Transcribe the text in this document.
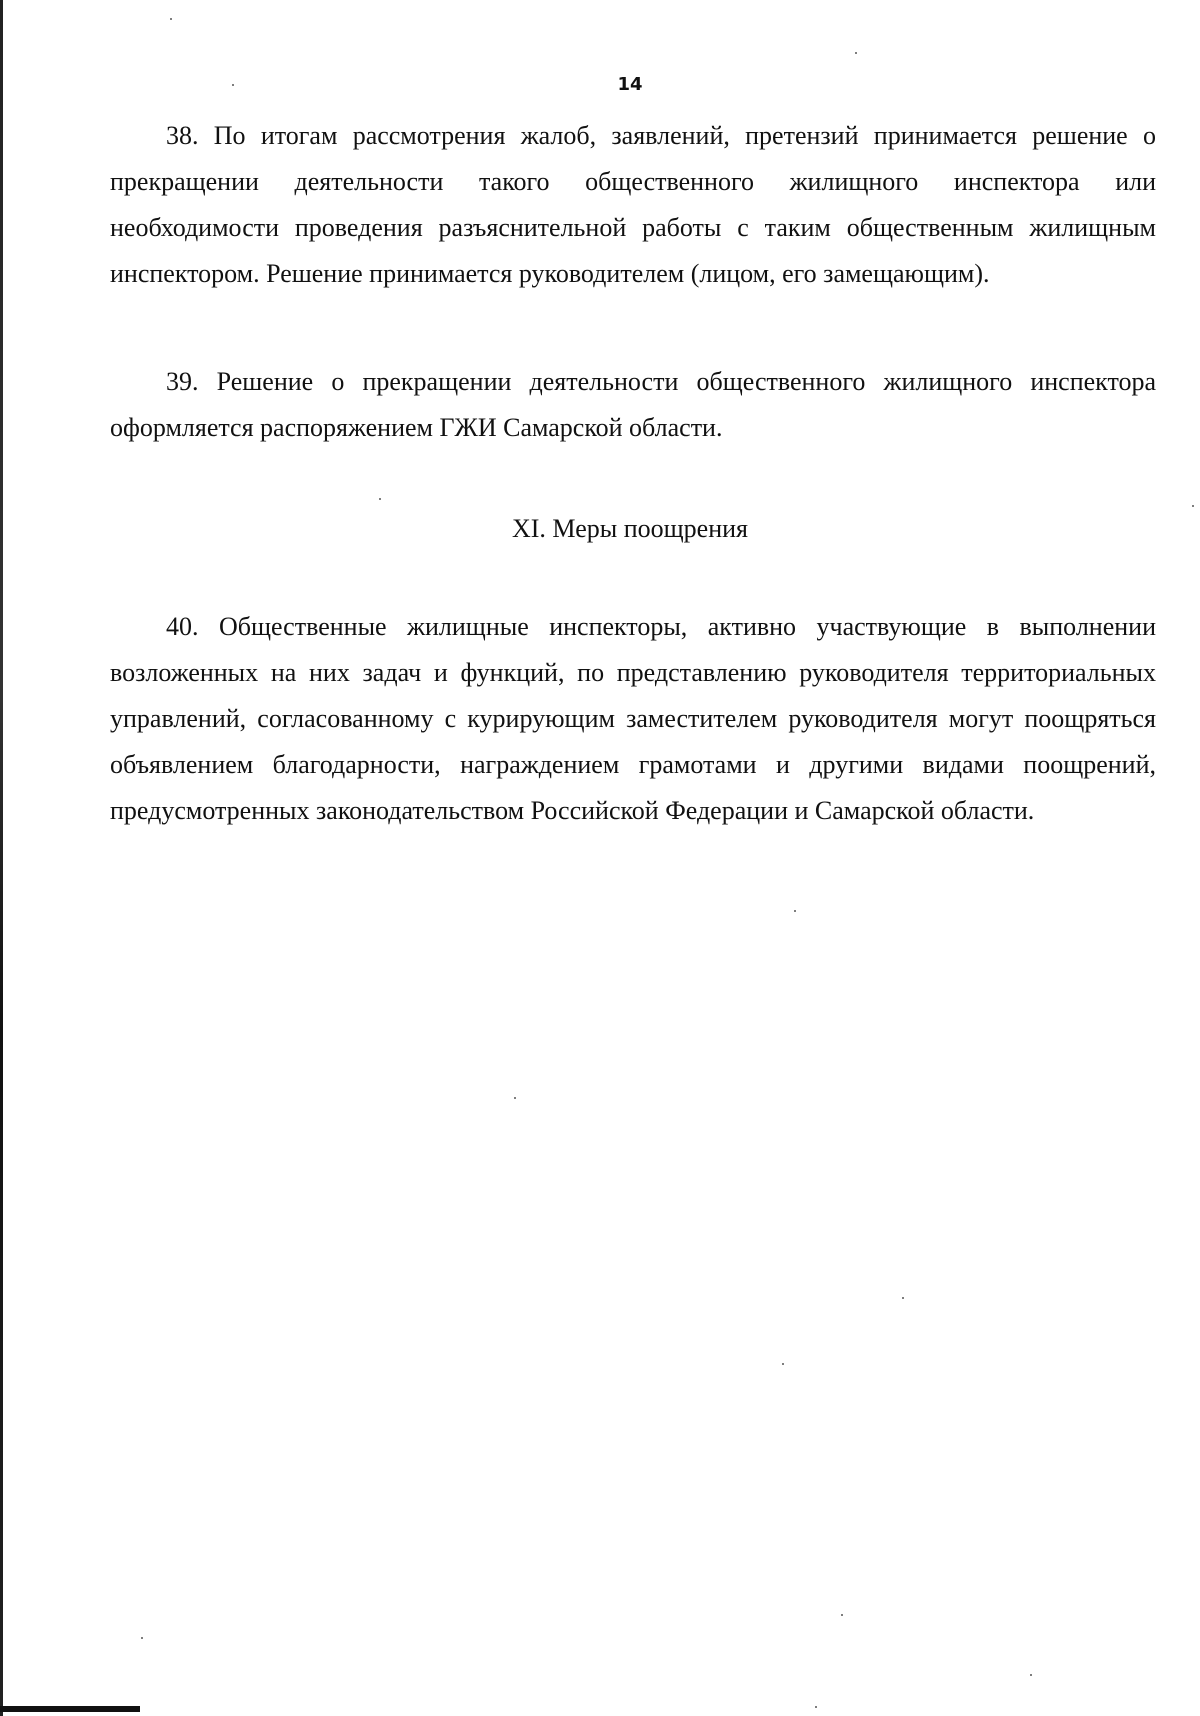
14

38. По итогам рассмотрения жалоб, заявлений, претензий принимается решение о прекращении деятельности такого общественного жилищного инспектора или необходимости проведения разъяснительной работы с таким общественным жилищным инспектором. Решение принимается руководителем (лицом, его замещающим).

39. Решение о прекращении деятельности общественного жилищного инспектора оформляется распоряжением ГЖИ Самарской области.

XI. Меры поощрения

40. Общественные жилищные инспекторы, активно участвующие в выполнении возложенных на них задач и функций, по представлению руководителя территориальных управлений, согласованному с курирующим заместителем руководителя могут поощряться объявлением благодарности, награждением грамотами и другими видами поощрений, предусмотренных законодательством Российской Федерации и Самарской области.
